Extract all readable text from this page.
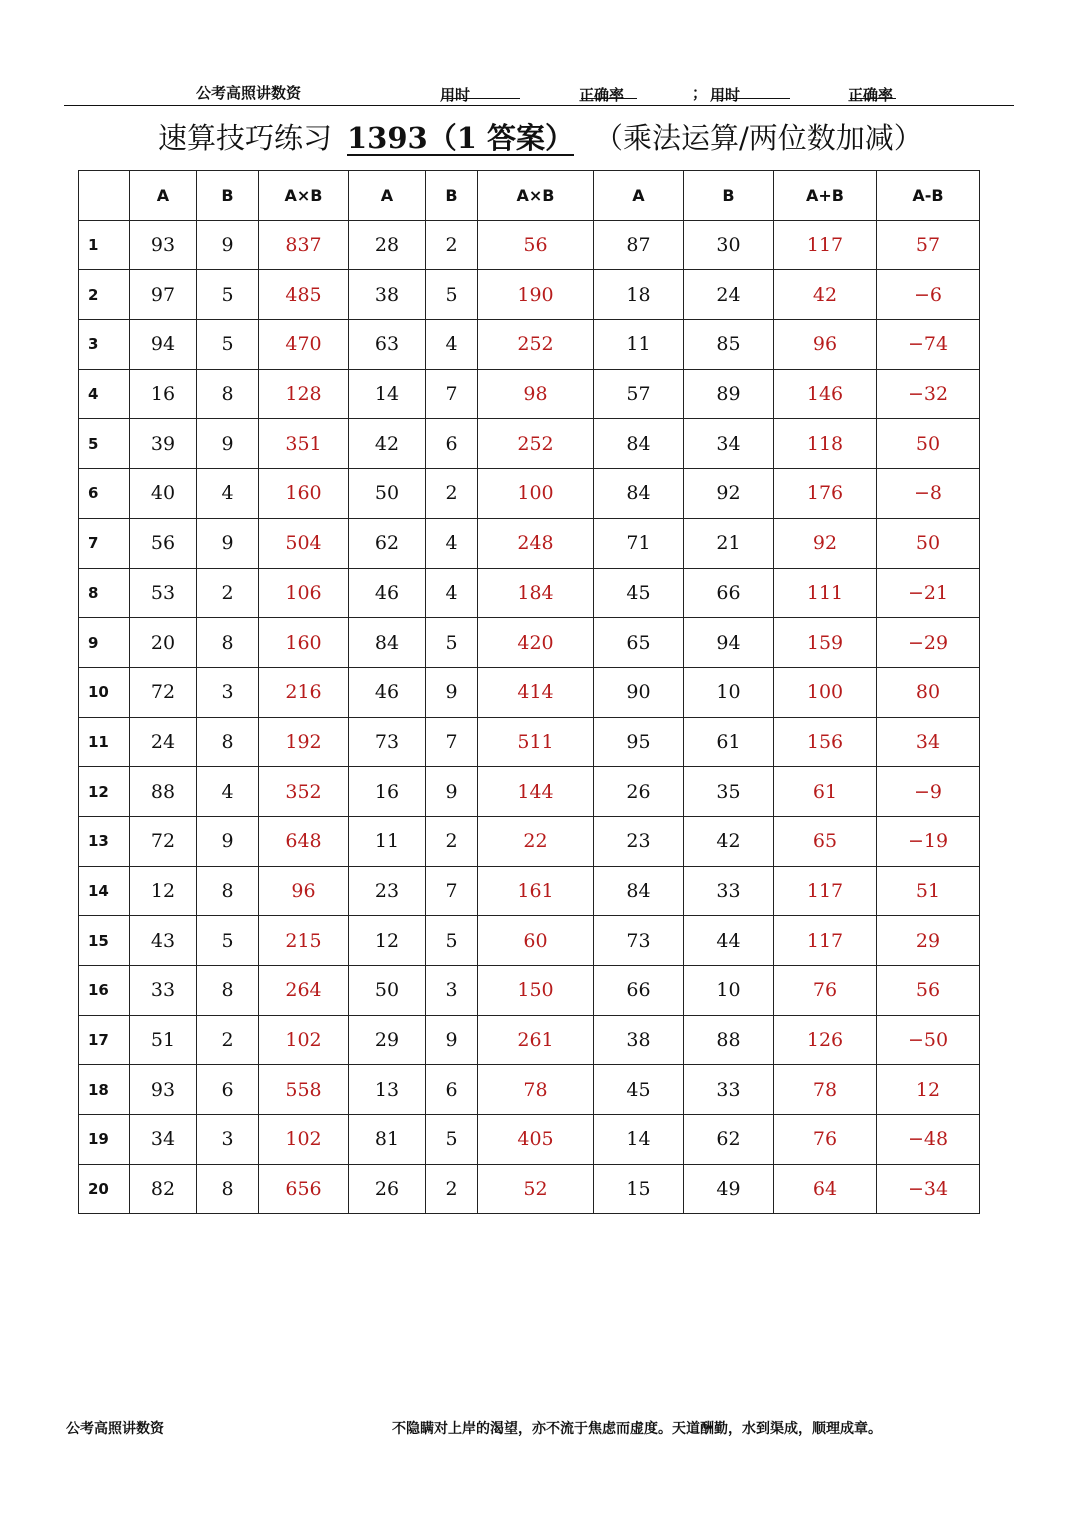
公考高照讲数资	用时	正确率	； 用时	正确率
速算技巧练习 1393（1 答案） （乘法运算/两位数加减）
	A	B	A×B	A	B	A×B	A	B	A+B	A-B
1	93	9	837	28	2	56	87	30	117	57
2	97	5	485	38	5	190	18	24	42	−6
3	94	5	470	63	4	252	11	85	96	−74
4	16	8	128	14	7	98	57	89	146	−32
5	39	9	351	42	6	252	84	34	118	50
6	40	4	160	50	2	100	84	92	176	−8
7	56	9	504	62	4	248	71	21	92	50
8	53	2	106	46	4	184	45	66	111	−21
9	20	8	160	84	5	420	65	94	159	−29
10	72	3	216	46	9	414	90	10	100	80
11	24	8	192	73	7	511	95	61	156	34
12	88	4	352	16	9	144	26	35	61	−9
13	72	9	648	11	2	22	23	42	65	−19
14	12	8	96	23	7	161	84	33	117	51
15	43	5	215	12	5	60	73	44	117	29
16	33	8	264	50	3	150	66	10	76	56
17	51	2	102	29	9	261	38	88	126	−50
18	93	6	558	13	6	78	45	33	78	12
19	34	3	102	81	5	405	14	62	76	−48
20	82	8	656	26	2	52	15	49	64	−34
公考高照讲数资	不隐瞒对上岸的渴望，亦不流于焦虑而虚度。天道酬勤，水到渠成，顺理成章。
